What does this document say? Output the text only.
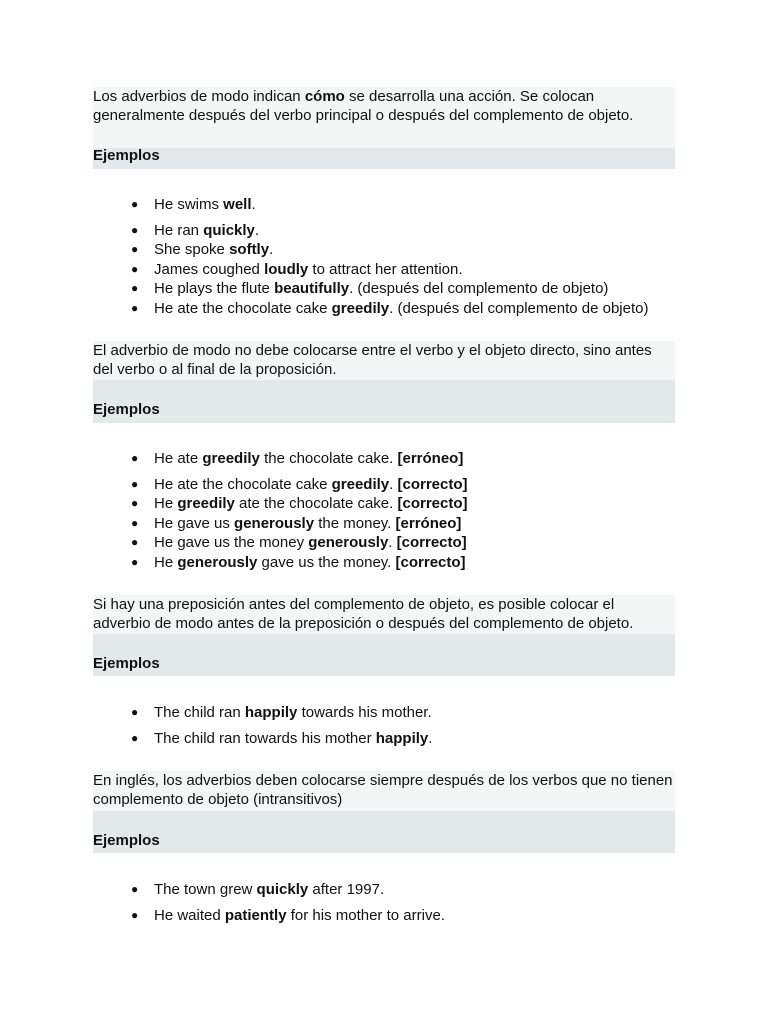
Los adverbios de modo indican cómo se desarrolla una acción. Se colocan generalmente después del verbo principal o después del complemento de objeto.
Ejemplos
● He swims well.
● He ran quickly.
● She spoke softly.
● James coughed loudly to attract her attention.
● He plays the flute beautifully. (después del complemento de objeto)
● He ate the chocolate cake greedily. (después del complemento de objeto)
El adverbio de modo no debe colocarse entre el verbo y el objeto directo, sino antes del verbo o al final de la proposición.
Ejemplos
● He ate greedily the chocolate cake. [erróneo]
● He ate the chocolate cake greedily. [correcto]
● He greedily ate the chocolate cake. [correcto]
● He gave us generously the money. [erróneo]
● He gave us the money generously. [correcto]
● He generously gave us the money. [correcto]
Si hay una preposición antes del complemento de objeto, es posible colocar el adverbio de modo antes de la preposición o después del complemento de objeto.
Ejemplos
● The child ran happily towards his mother.
● The child ran towards his mother happily.
En inglés, los adverbios deben colocarse siempre después de los verbos que no tienen complemento de objeto (intransitivos)
Ejemplos
● The town grew quickly after 1997.
● He waited patiently for his mother to arrive.
